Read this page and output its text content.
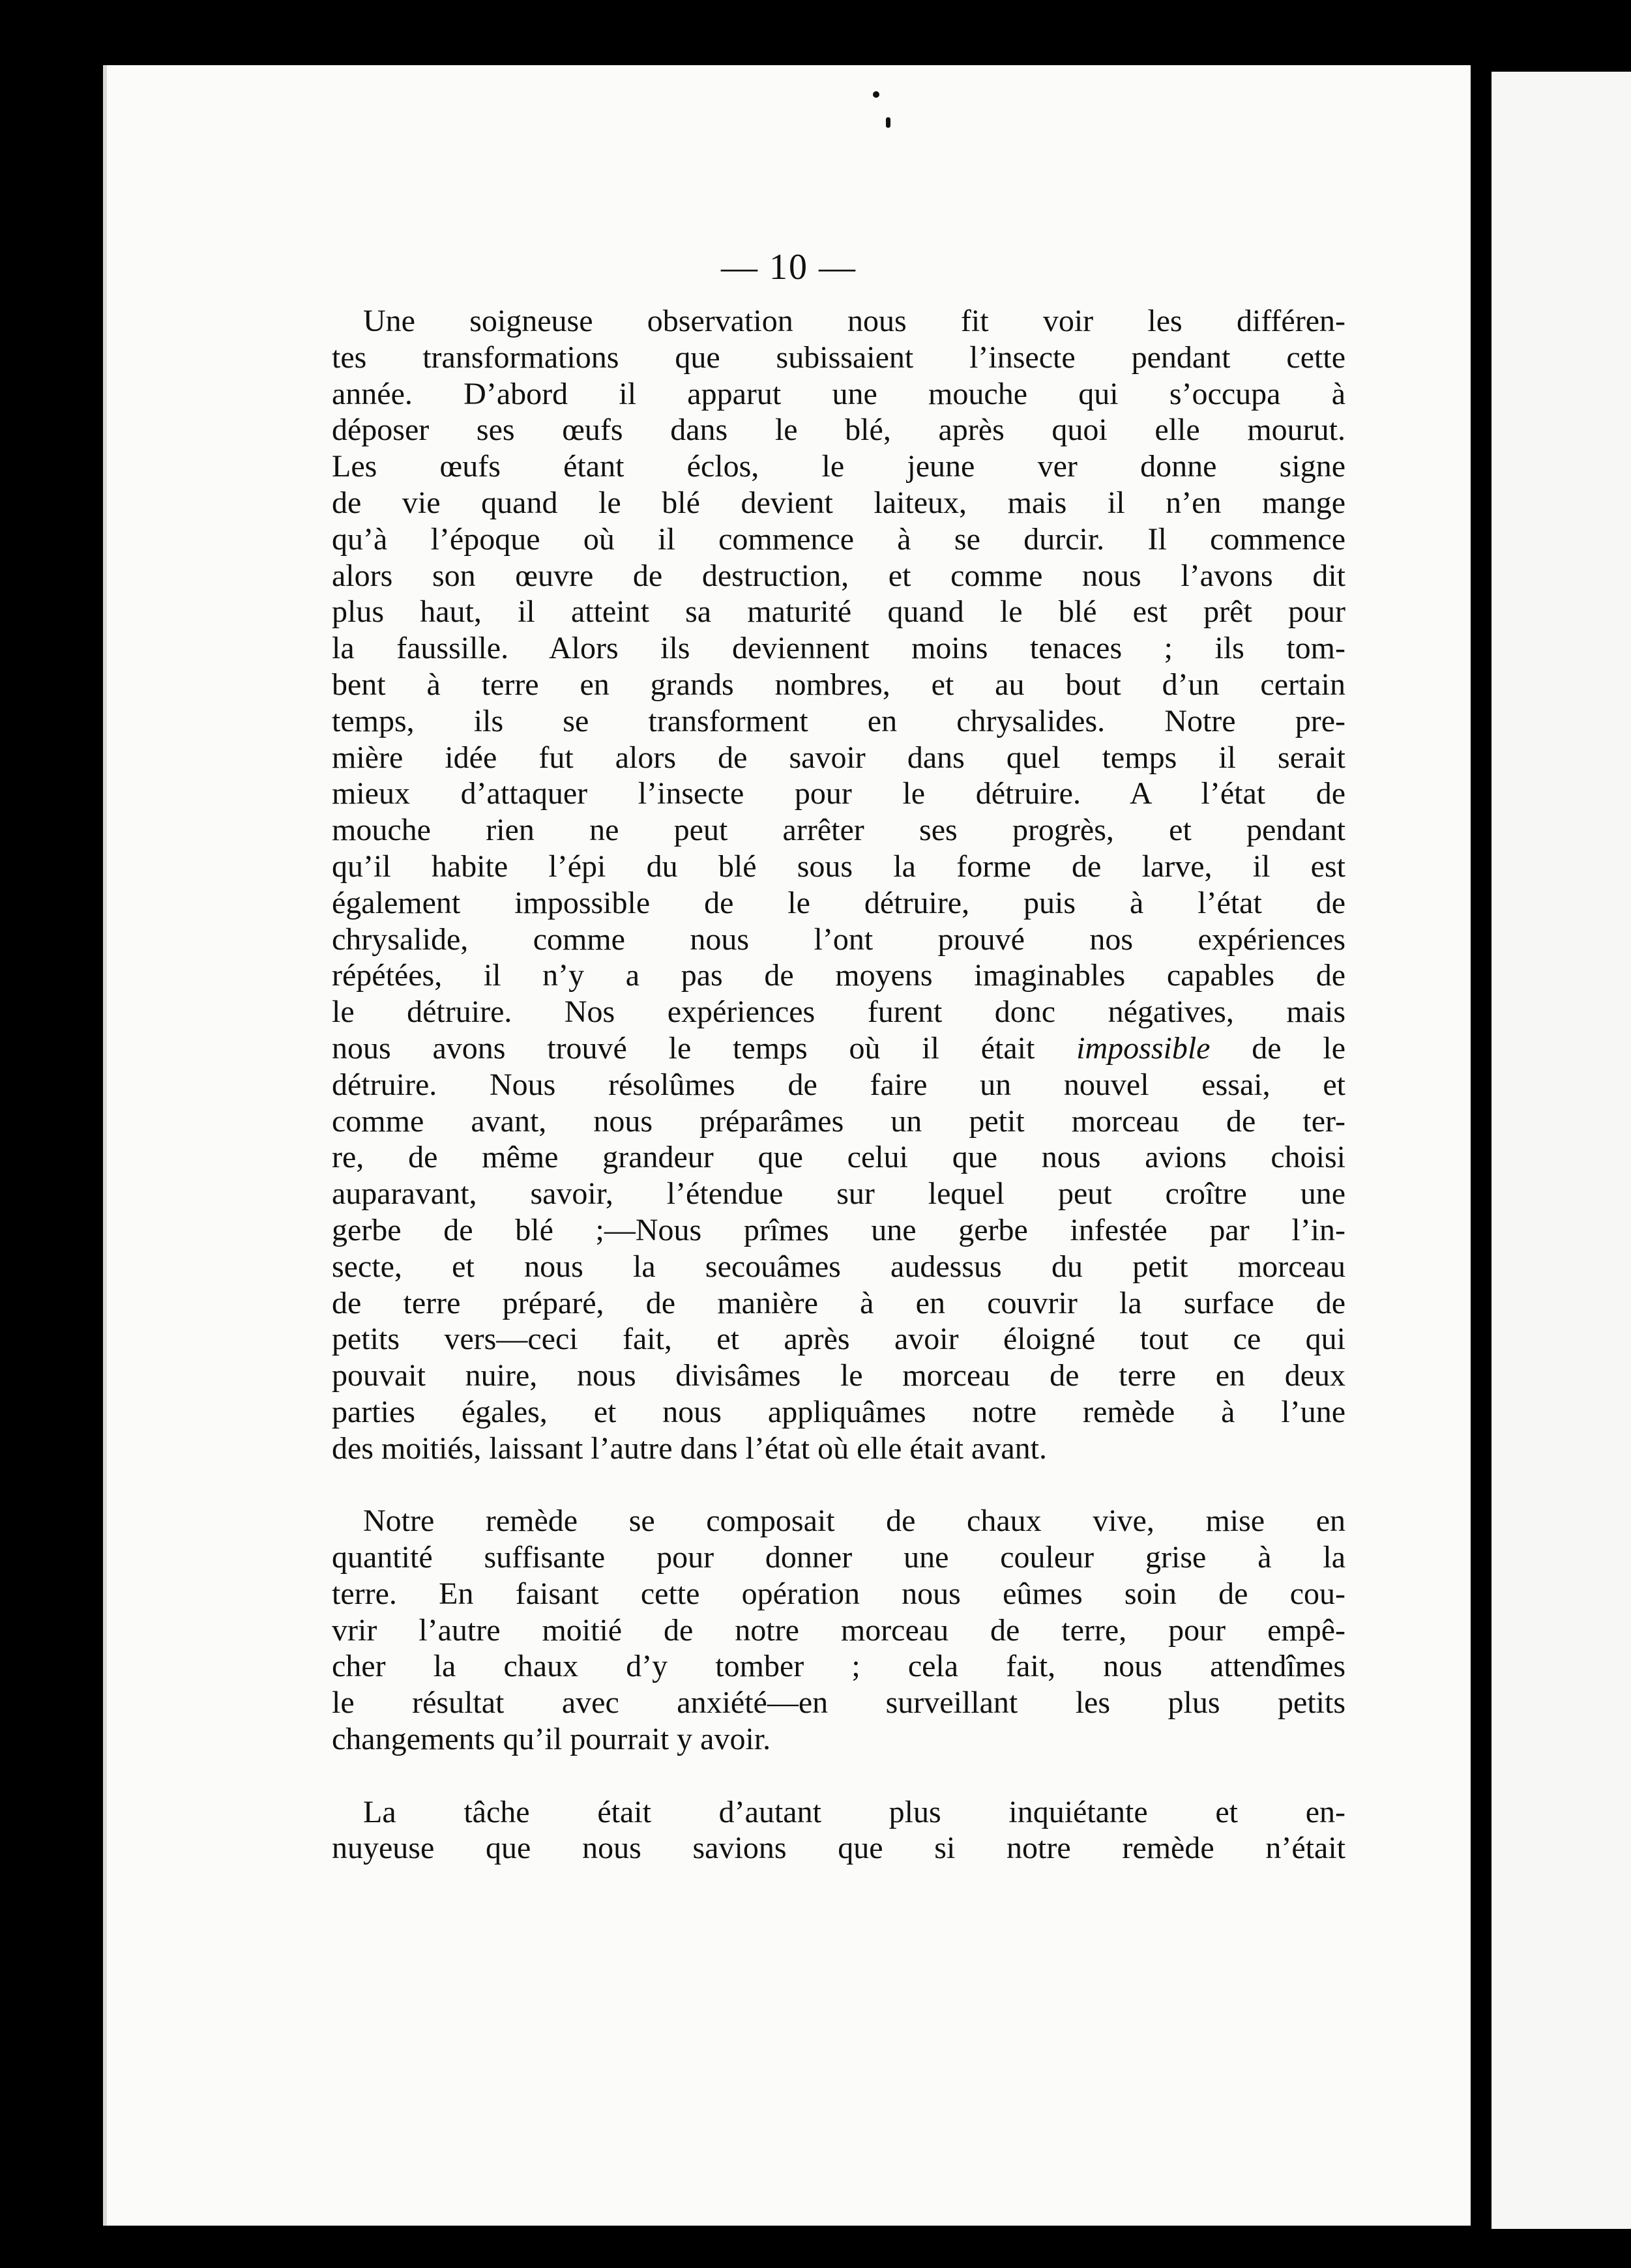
— 10 —
Une soigneuse observation nous fit voir les différen-
tes transformations que subissaient l’insecte pendant cette
année. D’abord il apparut une mouche qui s’occupa à
déposer ses œufs dans le blé, après quoi elle mourut.
Les œufs étant éclos, le jeune ver donne signe
de vie quand le blé devient laiteux, mais il n’en mange
qu’à l’époque où il commence à se durcir. Il commence
alors son œuvre de destruction, et comme nous l’avons dit
plus haut, il atteint sa maturité quand le blé est prêt pour
la faussille. Alors ils deviennent moins tenaces ; ils tom-
bent à terre en grands nombres, et au bout d’un certain
temps, ils se transforment en chrysalides. Notre pre-
mière idée fut alors de savoir dans quel temps il serait
mieux d’attaquer l’insecte pour le détruire. A l’état de
mouche rien ne peut arrêter ses progrès, et pendant
qu’il habite l’épi du blé sous la forme de larve, il est
également impossible de le détruire, puis à l’état de
chrysalide, comme nous l’ont prouvé nos expériences
répétées, il n’y a pas de moyens imaginables capables de
le détruire. Nos expériences furent donc négatives, mais
nous avons trouvé le temps où il était impossible de le
détruire. Nous résolûmes de faire un nouvel essai, et
comme avant, nous préparâmes un petit morceau de ter-
re, de même grandeur que celui que nous avions choisi
auparavant, savoir, l’étendue sur lequel peut croître une
gerbe de blé ;—Nous prîmes une gerbe infestée par l’in-
secte, et nous la secouâmes audessus du petit morceau
de terre préparé, de manière à en couvrir la surface de
petits vers—ceci fait, et après avoir éloigné tout ce qui
pouvait nuire, nous divisâmes le morceau de terre en deux
parties égales, et nous appliquâmes notre remède à l’une
des moitiés, laissant l’autre dans l’état où elle était avant.
Notre remède se composait de chaux vive, mise en
quantité suffisante pour donner une couleur grise à la
terre. En faisant cette opération nous eûmes soin de cou-
vrir l’autre moitié de notre morceau de terre, pour empê-
cher la chaux d’y tomber ; cela fait, nous attendîmes
le résultat avec anxiété—en surveillant les plus petits
changements qu’il pourrait y avoir.
La tâche était d’autant plus inquiétante et en-
nuyeuse que nous savions que si notre remède n’était
